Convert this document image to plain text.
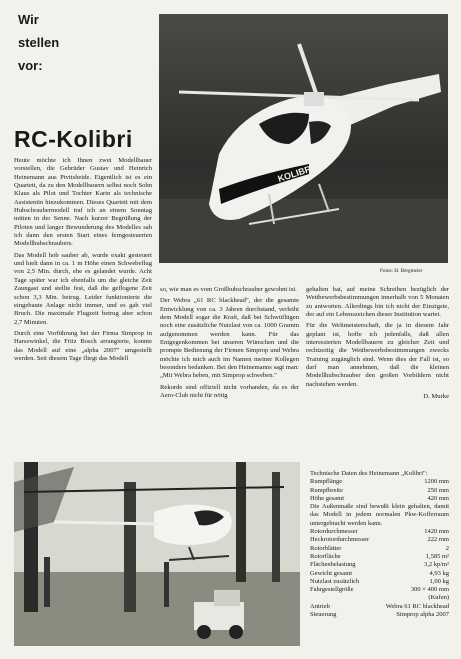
Wir
stellen
vor:
KOLIBRI
Fotos: H. Bergmeier
RC-Kolibri

Heute möchte ich Ihnen zwei Modellbauer vorstellen, die Gebrüder Gustav und Heinrich Heinemann aus Ptvttsheide. Eigentlich ist es ein Quartett, da zu den Modellbauern selbst noch Sohn Klaus als Pilot und Tochter Karin als technische Assistentin hinzukommen. Dieses Quartett mit dem Hubschraubermodell traf ich an einem Sonntag mitten in der Senne. Nach kurzer Begrüßung der Piloten und langer Bewunderung des Modelles sah ich dann den ersten Start eines ferngesteuerten Modellhubschraubers.

Das Modell hob sauber ab, wurde exakt gesteuert und hielt dann in ca. 1 m Höhe einen Schwebeflug von 2,5 Min. durch, ehe es gelandet wurde. Acht Tage später war ich ebenfalls um die gleiche Zeit Zaungast und stellte fest, daß die geflogene Zeit schon 3,3 Min. betrug. Leider funktionierte die eingebaute Anlage nicht immer, und es gab viel Bruch. Die maximale Flugzeit betrug aber schon 2,7 Minuten.

Durch eine Vorführung bei der Firma Simprop in Harsewinkel, die Fritz Bosch arrangierte, konnte das Modell auf eine „alpha 2007" umgestellt werden. Seit diesem Tage fliegt das Modell

so, wie man es vom Großhubschrauber gewohnt ist.

Der Webra „61 RC blackhead", der die gesamte Entwicklung von ca. 3 Jahren durchstand, verleiht dem Modell sogar die Kraft, daß bei Schwüflügen noch eine zusätzliche Nutzlast von ca. 1000 Gramm aufgenommen werden kann. Für das Entgegenkommen bei unseren Wünschen und die prompte Bedienung der Firmen Simprop und Webra möchte ich mich auch im Namen meiner Kollegen besonders bedanken. Bei den Heinemanns sagt man: „Mit Webra heben, mit Simprop schweben."

Rekorde sind offiziell nicht vorhanden, da es der Aero-Club nicht für nötig

gehalten hat, auf meine Schreiben bezüglich der Wettbewerbsbestimmungen innerhalb von 5 Monaten zu antworten. Allerdings bin ich nicht der Einzigste, der auf ein Lebenszeichen dieser Institution wartet.

Für die Weltmeisterschaft, die ja in diesem Jahr geplant ist, hoffe ich jedenfalls, daß allen interessierten Modellbauern zu gleicher Zeit und rechtzeitig die Wettbewerbsbestimmungen zwecks Training zugänglich sind. Wenn dies der Fall ist, so darf man annehmen, daß die kleinen Modellhubschrauber den großen Vorbildern nicht nachstehen werden.

D. Murke

Technische Daten des Heinemann „Kolibri":
Rumpflänge	1200 mm
Rumpfbreite	250 mm
Höhe gesamt	420 mm
Die Außenmaße sind bewußt klein gehalten, damit das Modell in jedem normalen Pkw-Kofferraum untergebracht werden kann.
Rotordurchmesser	1420 mm
Heckrotordurchmesser	222 mm
Rotorblätter	2
Rotorfläche	1,585 m²
Flächenbelastung	3,2 kp/m²
Gewicht gesamt	4,93 kg
Nutzlast zusätzlich	1,00 kg
Fahrgestellgröße	300 × 400 mm
(Kufen)
Antrieb	Webra 61 RC blackhead
Steuerung	Simprop alpha 2007
